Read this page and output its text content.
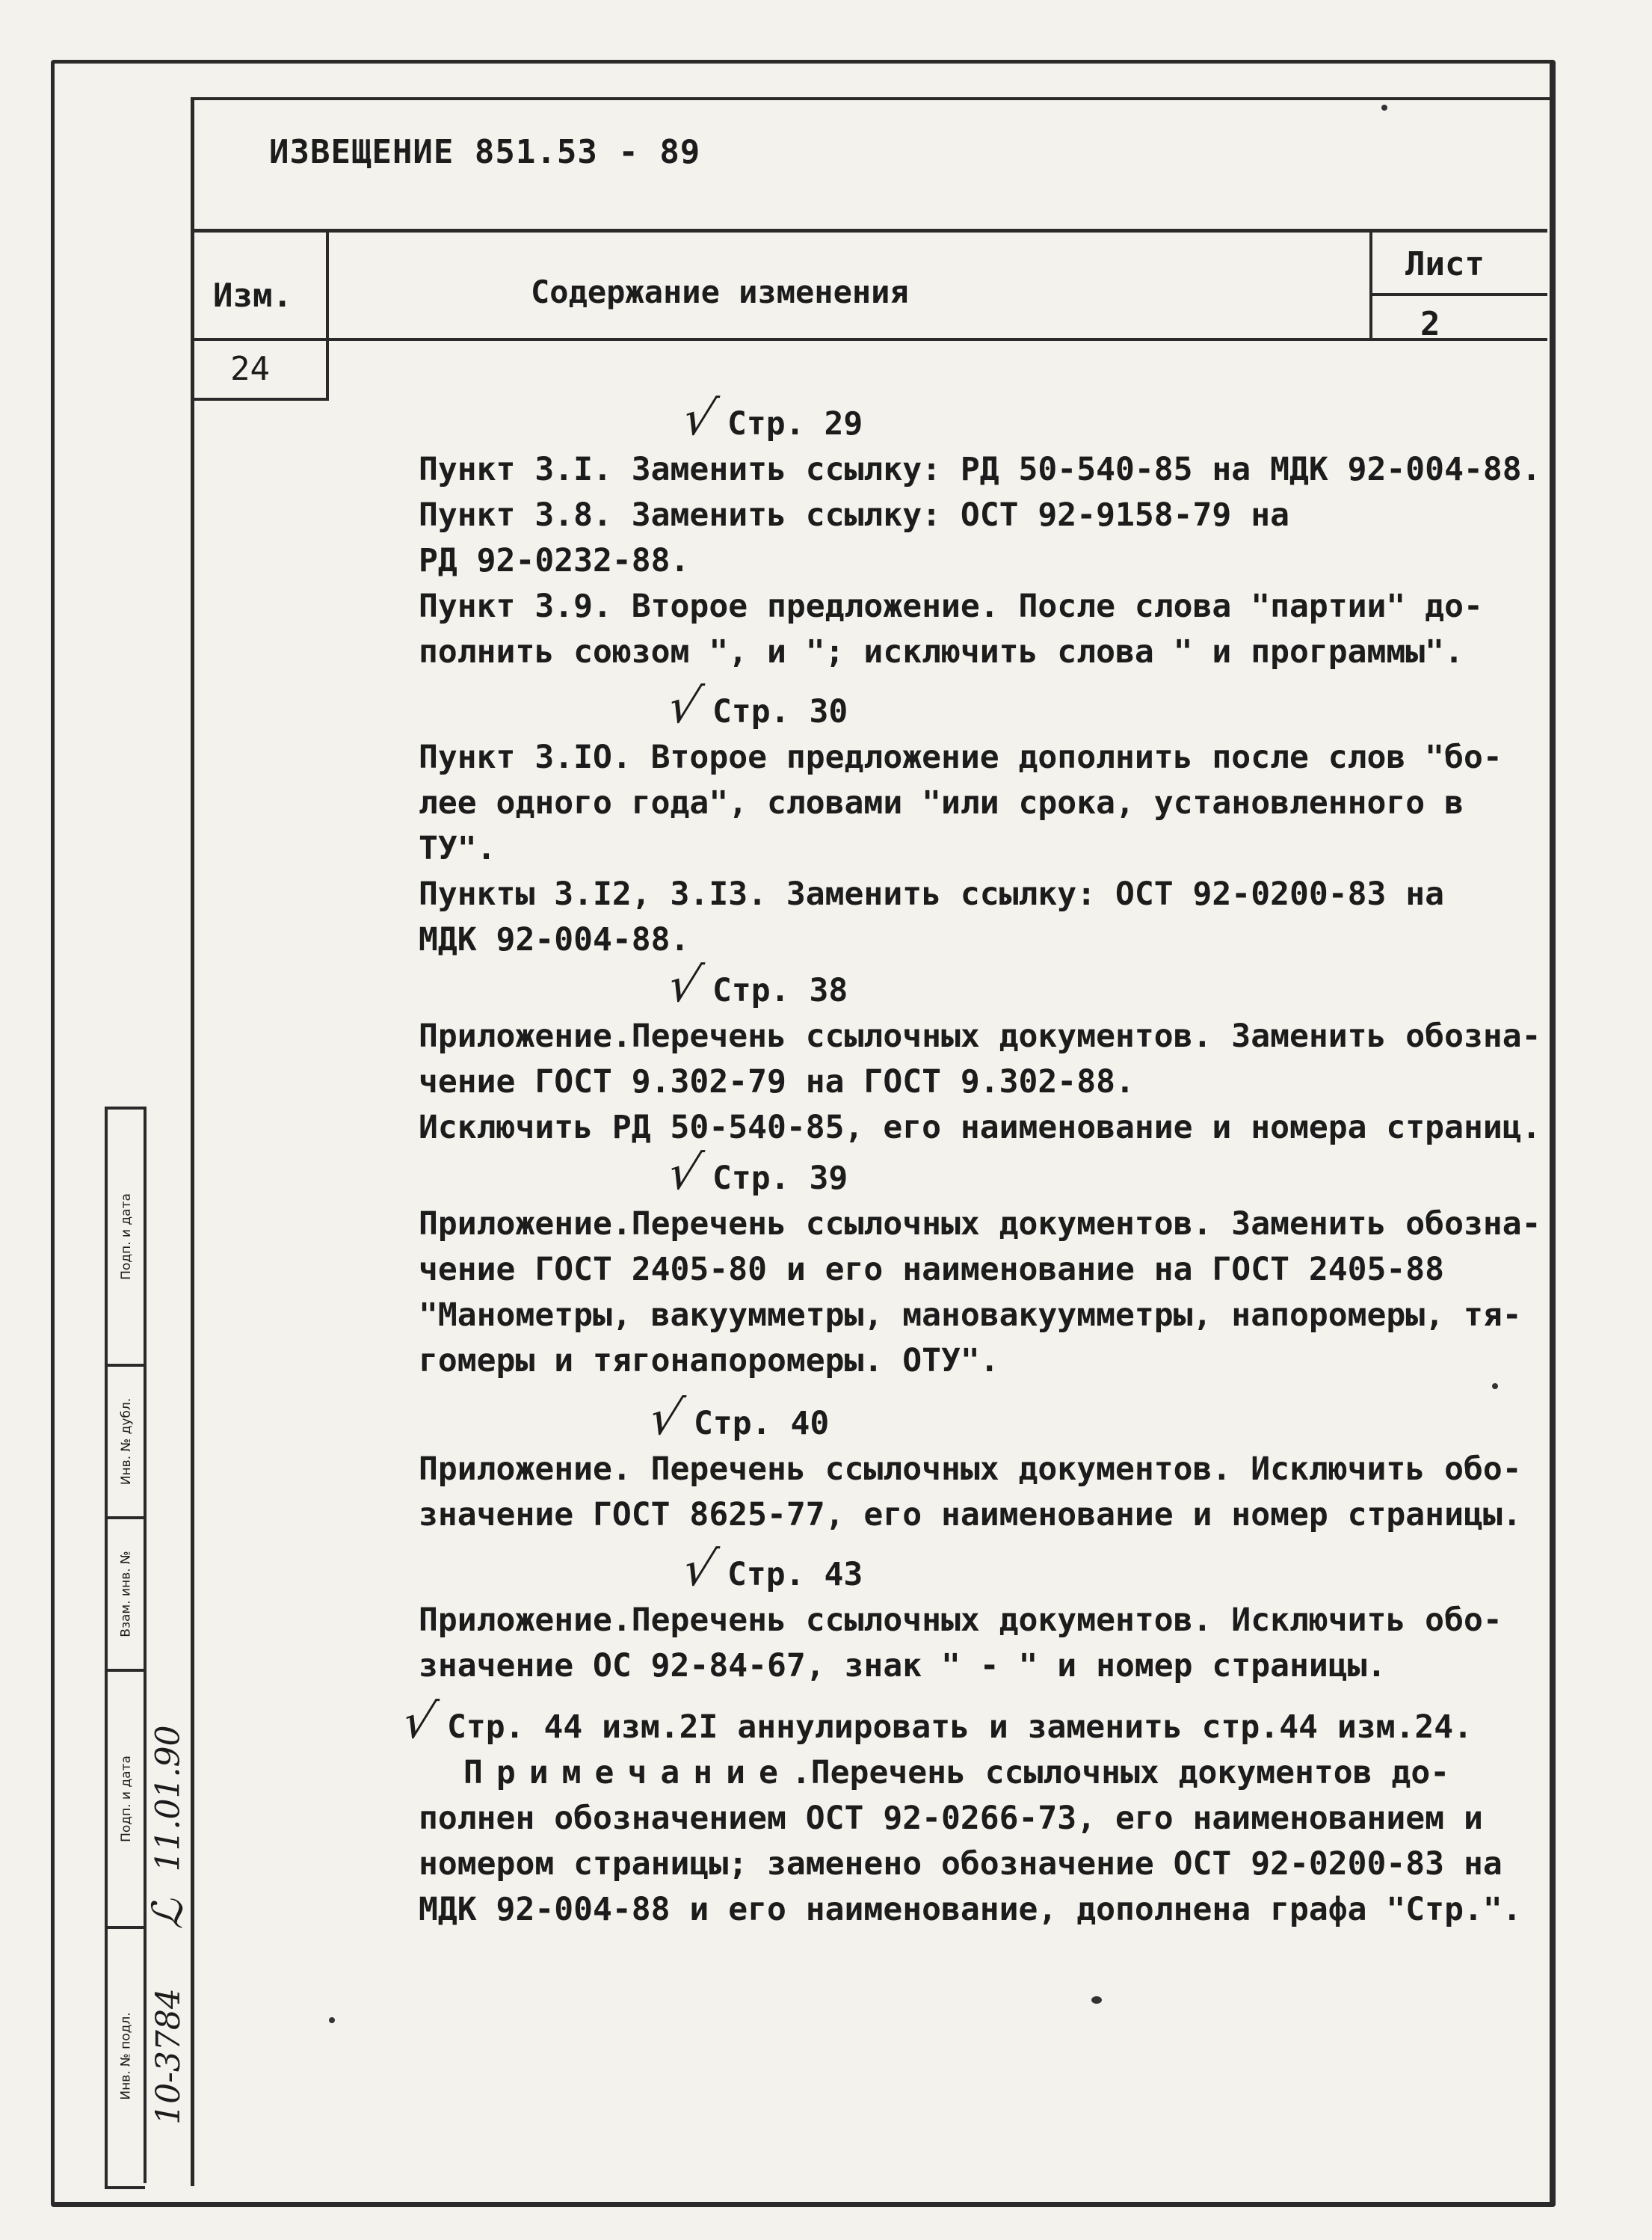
ИЗВЕЩЕНИЕ 851.53 - 89
Изм.	Содержание изменения
Лист
2
24
√ Стр. 29
Пункт 3.I. Заменить ссылку: РД 50-540-85 на МДК 92-004-88.
Пункт 3.8. Заменить ссылку: ОСТ 92-9158-79 на
РД 92-0232-88.
Пункт 3.9. Второе предложение. После слова "партии" до-
полнить союзом ", и "; исключить слова " и программы".
√ Стр. 30
Пункт 3.IO. Второе предложение дополнить после слов "бо-
лее одного года", словами "или срока, установленного в
ТУ".
Пункты 3.I2, 3.I3. Заменить ссылку: ОСТ 92-0200-83 на
МДК 92-004-88.
√ Стр. 38
Приложение.Перечень ссылочных документов. Заменить обозна-
чение ГОСТ 9.302-79 на ГОСТ 9.302-88.
Исключить РД 50-540-85, его наименование и номера страниц.
√ Стр. 39
Приложение.Перечень ссылочных документов. Заменить обозна-
чение ГОСТ 2405-80 и его наименование на ГОСТ 2405-88
"Манометры, вакуумметры, мановакуумметры, напоромеры, тя-
гомеры и тягонапоромеры. ОТУ".
√ Стр. 40
Приложение. Перечень ссылочных документов. Исключить обо-
значение ГОСТ 8625-77, его наименование и номер страницы.
√ Стр. 43
Приложение.Перечень ссылочных документов. Исключить обо-
значение ОС 92-84-67, знак " - " и номер страницы.
√ Стр. 44 изм.2I аннулировать и заменить стр.44 изм.24.
Примечание.Перечень ссылочных документов до-
полнен обозначением ОСТ 92-0266-73, его наименованием и
номером страницы; заменено обозначение ОСТ 92-0200-83 на
МДК 92-004-88 и его наименование, дополнена графа "Стр.".
Подп. и дата
Инв. № дубл.
Взам. инв. №
Подп. и дата
Инв. № подл.
11.01.90
ℒ
10-3784
